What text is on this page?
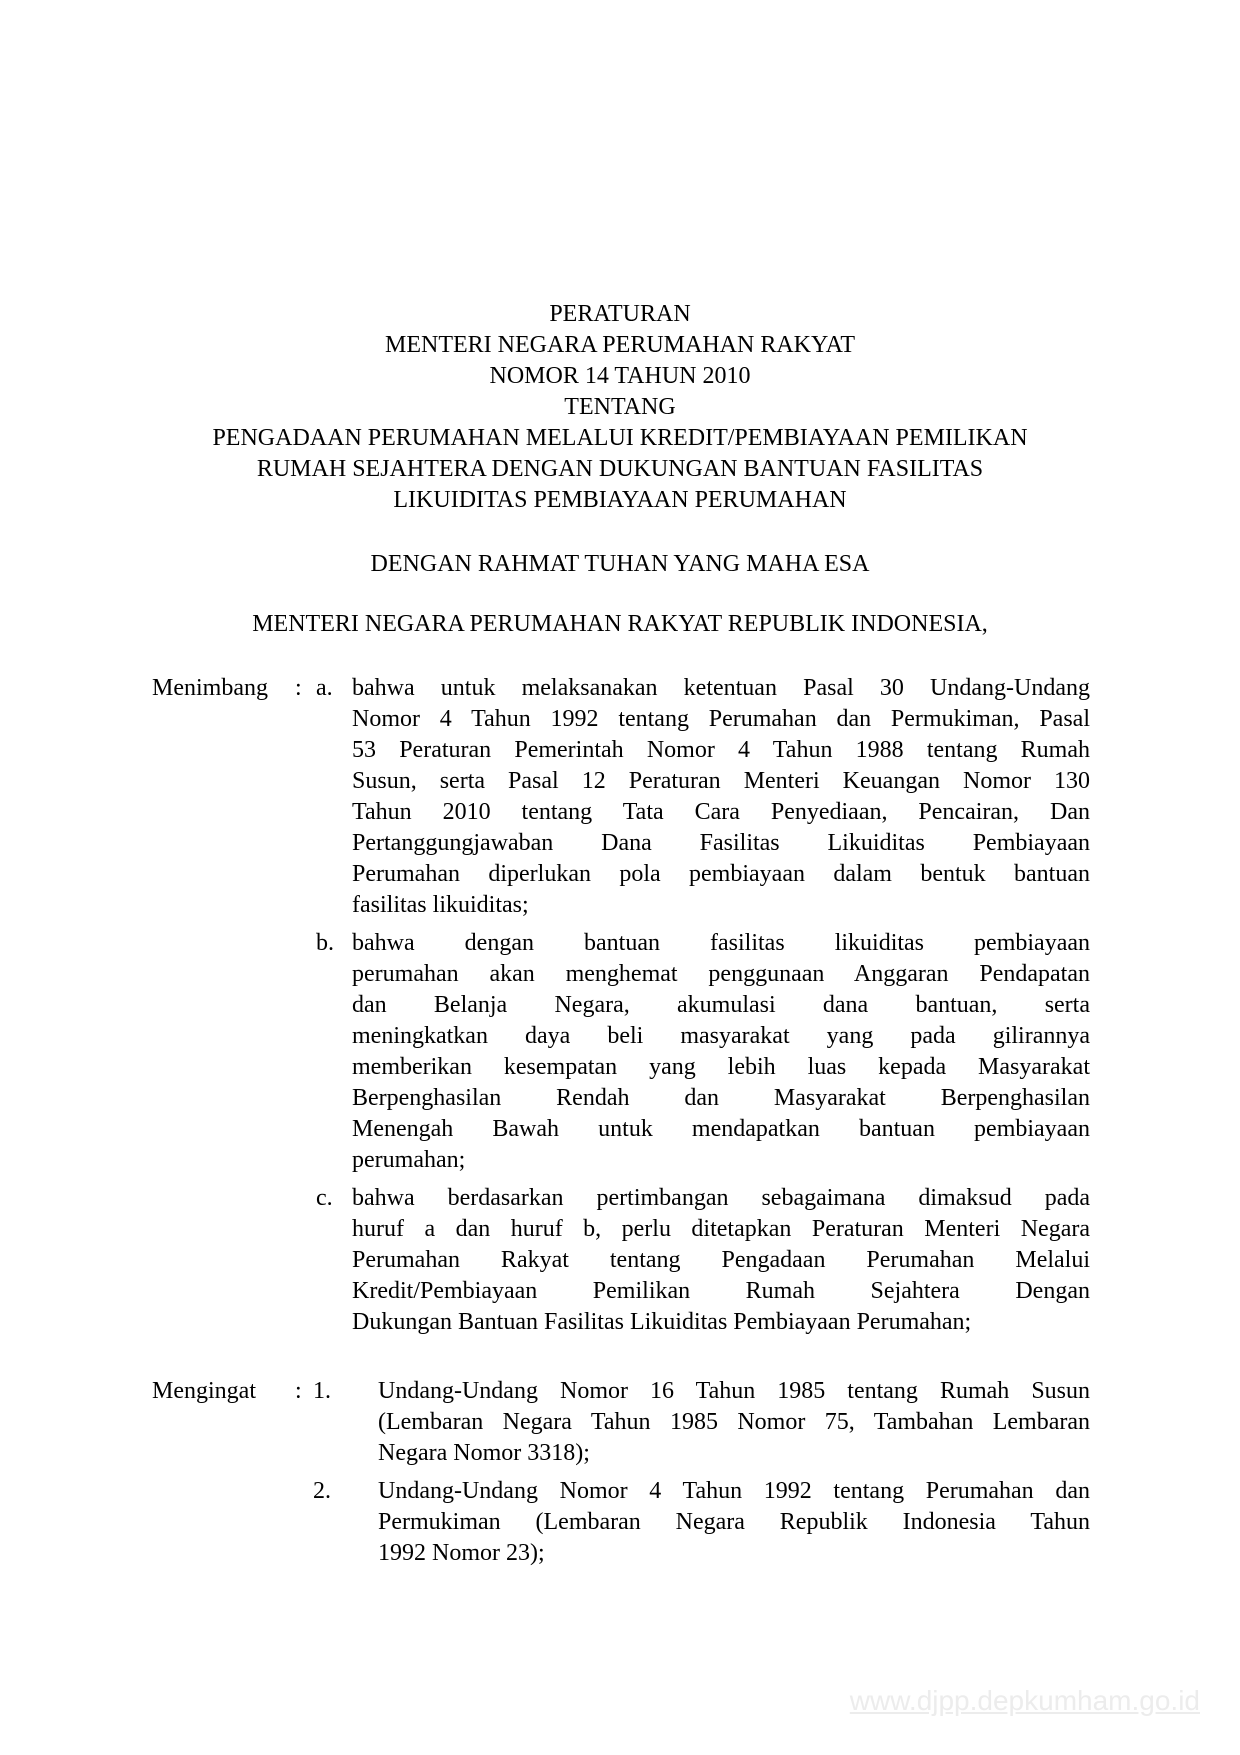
PERATURAN
MENTERI NEGARA PERUMAHAN RAKYAT
NOMOR 14 TAHUN 2010
TENTANG
PENGADAAN PERUMAHAN MELALUI KREDIT/PEMBIAYAAN PEMILIKAN
RUMAH SEJAHTERA DENGAN DUKUNGAN BANTUAN FASILITAS
LIKUIDITAS PEMBIAYAAN PERUMAHAN
DENGAN RAHMAT TUHAN YANG MAHA ESA
MENTERI NEGARA PERUMAHAN RAKYAT REPUBLIK INDONESIA,
Menimbang	: a. bahwa untuk melaksanakan ketentuan Pasal 30 Undang-Undang
Nomor 4 Tahun 1992 tentang Perumahan dan Permukiman, Pasal
53 Peraturan Pemerintah Nomor 4 Tahun 1988 tentang Rumah
Susun, serta Pasal 12 Peraturan Menteri Keuangan Nomor 130
Tahun 2010 tentang Tata Cara Penyediaan, Pencairan, Dan
Pertanggungjawaban Dana Fasilitas Likuiditas Pembiayaan
Perumahan diperlukan pola pembiayaan dalam bentuk bantuan
fasilitas likuiditas;
b. bahwa dengan bantuan fasilitas likuiditas pembiayaan
perumahan akan menghemat penggunaan Anggaran Pendapatan
dan Belanja Negara, akumulasi dana bantuan, serta
meningkatkan daya beli masyarakat yang pada gilirannya
memberikan kesempatan yang lebih luas kepada Masyarakat
Berpenghasilan Rendah dan Masyarakat Berpenghasilan
Menengah Bawah untuk mendapatkan bantuan pembiayaan
perumahan;
c. bahwa berdasarkan pertimbangan sebagaimana dimaksud pada
huruf a dan huruf b, perlu ditetapkan Peraturan Menteri Negara
Perumahan Rakyat tentang Pengadaan Perumahan Melalui
Kredit/Pembiayaan Pemilikan Rumah Sejahtera Dengan
Dukungan Bantuan Fasilitas Likuiditas Pembiayaan Perumahan;
Mengingat	: 1.	Undang-Undang Nomor 16 Tahun 1985 tentang Rumah Susun
(Lembaran Negara Tahun 1985 Nomor 75, Tambahan Lembaran
Negara Nomor 3318);
2.	Undang-Undang Nomor 4 Tahun 1992 tentang Perumahan dan
Permukiman (Lembaran Negara Republik Indonesia Tahun
1992 Nomor 23);
www.djpp.depkumham.go.id
